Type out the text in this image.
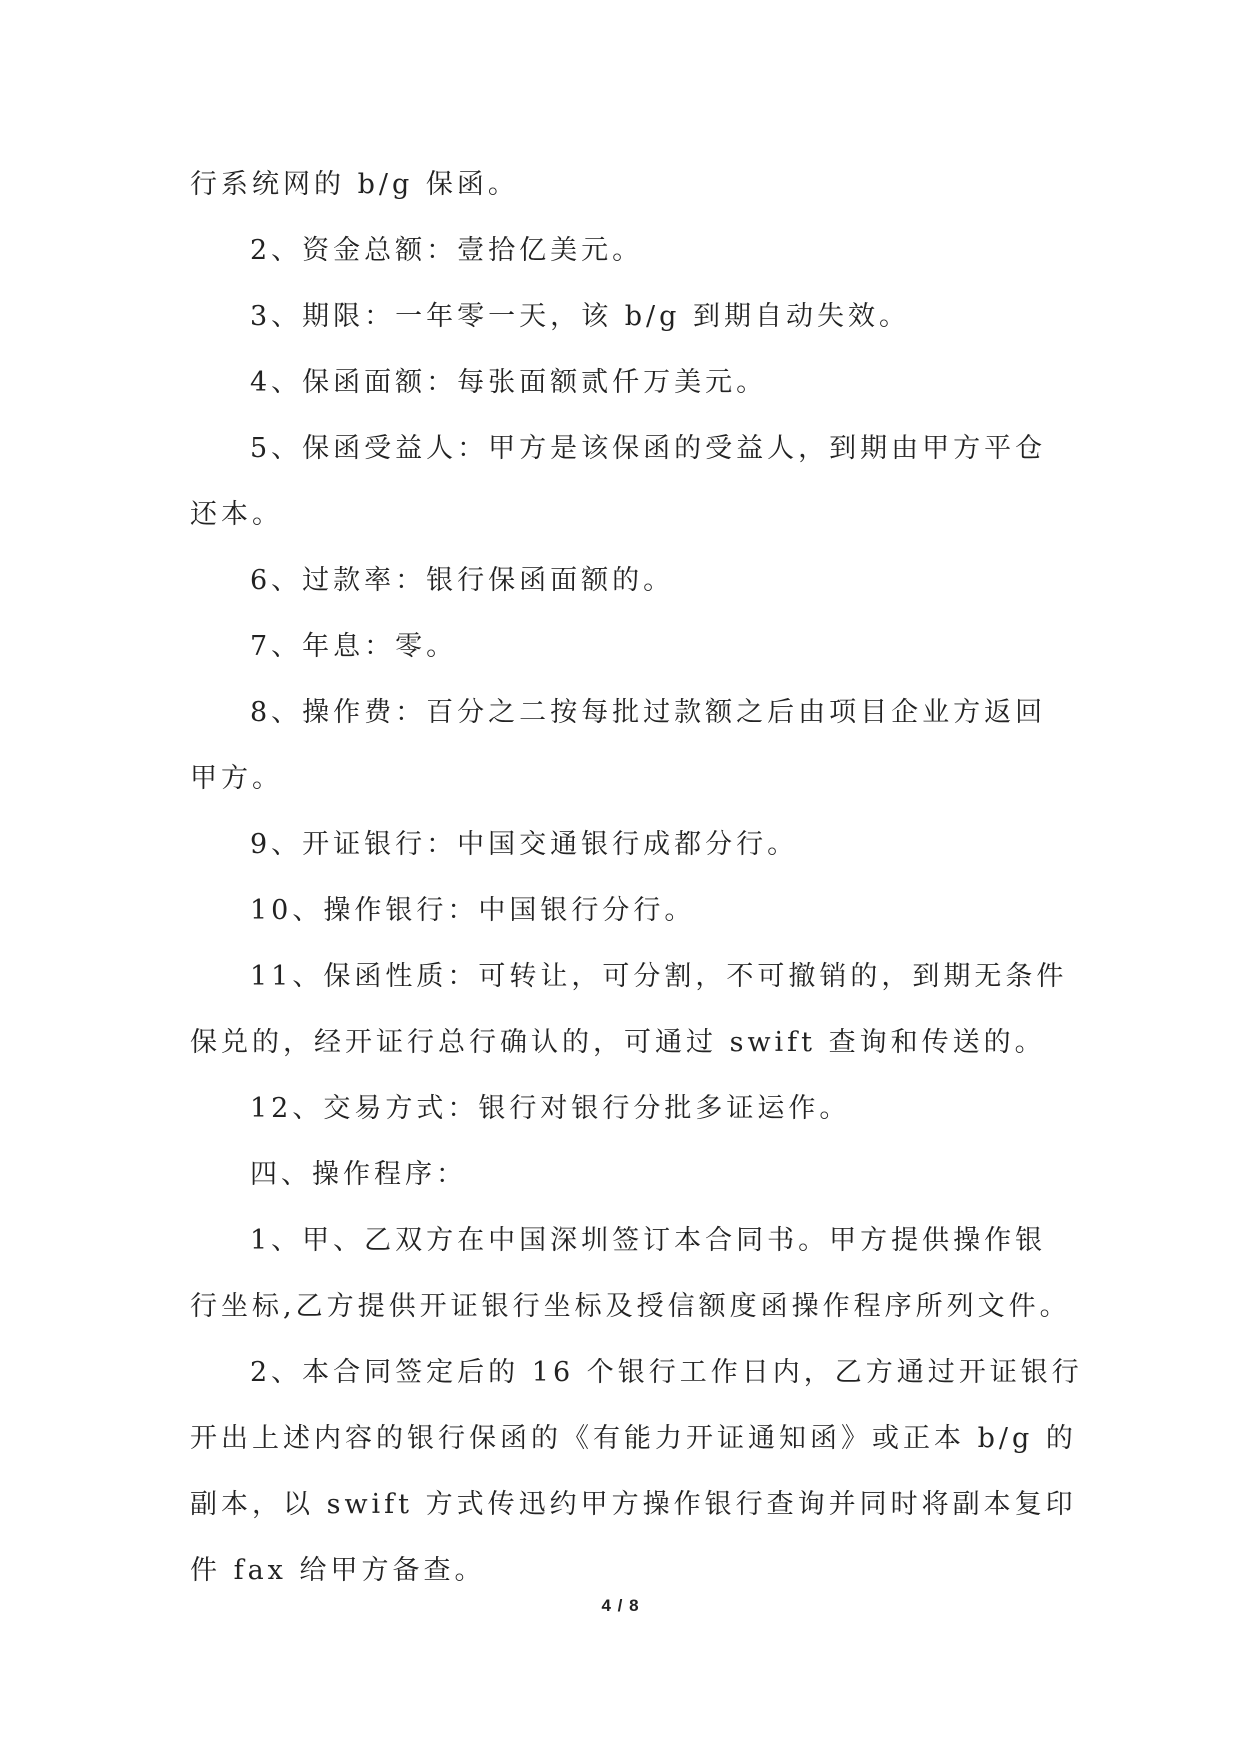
行系统网的 b/g 保函。
2、资金总额：壹拾亿美元。
3、期限：一年零一天，该 b/g 到期自动失效。
4、保函面额：每张面额贰仟万美元。
5、保函受益人：甲方是该保函的受益人，到期由甲方平仓
还本。
6、过款率：银行保函面额的。
7、年息：零。
8、操作费：百分之二按每批过款额之后由项目企业方返回
甲方。
9、开证银行：中国交通银行成都分行。
10、操作银行：中国银行分行。
11、保函性质：可转让，可分割，不可撤销的，到期无条件
保兑的，经开证行总行确认的，可通过 swift 查询和传送的。
12、交易方式：银行对银行分批多证运作。
四、操作程序：
1、甲、乙双方在中国深圳签订本合同书。甲方提供操作银
行坐标,乙方提供开证银行坐标及授信额度函操作程序所列文件。
2、本合同签定后的 16 个银行工作日内，乙方通过开证银行
开出上述内容的银行保函的《有能力开证通知函》或正本 b/g 的
副本，以 swift 方式传迅约甲方操作银行查询并同时将副本复印
件 fax 给甲方备查。
4 / 8
